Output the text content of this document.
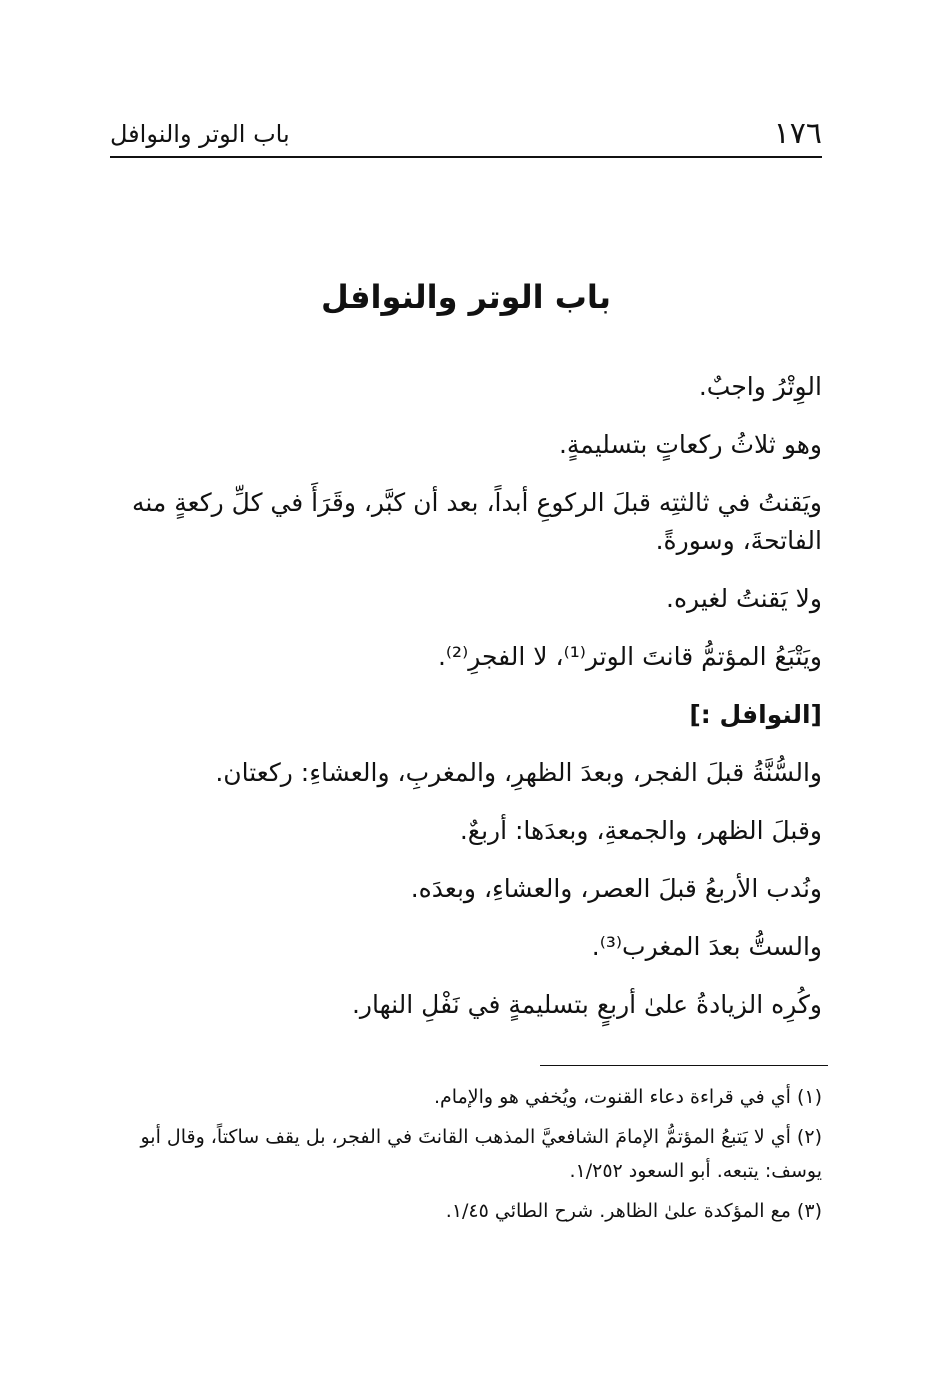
١٧٦
باب الوتر والنوافل
باب الوتر والنوافل

الوِتْرُ واجبٌ.

وهو ثلاثُ ركعاتٍ بتسليمةٍ.

ويَقنتُ في ثالثتِه قبلَ الركوعِ أبداً، بعد أن كبَّر، وقَرَأَ في كلِّ ركعةٍ منه الفاتحةَ، وسورةً.

ولا يَقنتُ لغيره.

ويَتْبَعُ المؤتمُّ قانتَ الوتر⁽¹⁾، لا الفجرِ⁽²⁾.

[النوافل :]

والسُّنَّةُ قبلَ الفجر، وبعدَ الظهرِ، والمغربِ، والعشاءِ: ركعتان.

وقبلَ الظهر، والجمعةِ، وبعدَها: أربعٌ.

ونُدب الأربعُ قبلَ العصر، والعشاءِ، وبعدَه.

والستُّ بعدَ المغرب⁽³⁾.

وكُرِه الزيادةُ علىٰ أربعٍ بتسليمةٍ في نَفْلِ النهار.

(١) أي في قراءة دعاء القنوت، ويُخفي هو والإمام.

(٢) أي لا يَتبعُ المؤتمُّ الإمامَ الشافعيَّ المذهب القانتَ في الفجر، بل يقف ساكتاً، وقال أبو يوسف: يتبعه. أبو السعود ١/٢٥٢.

(٣) مع المؤكدة علىٰ الظاهر. شرح الطائي ١/٤٥.
